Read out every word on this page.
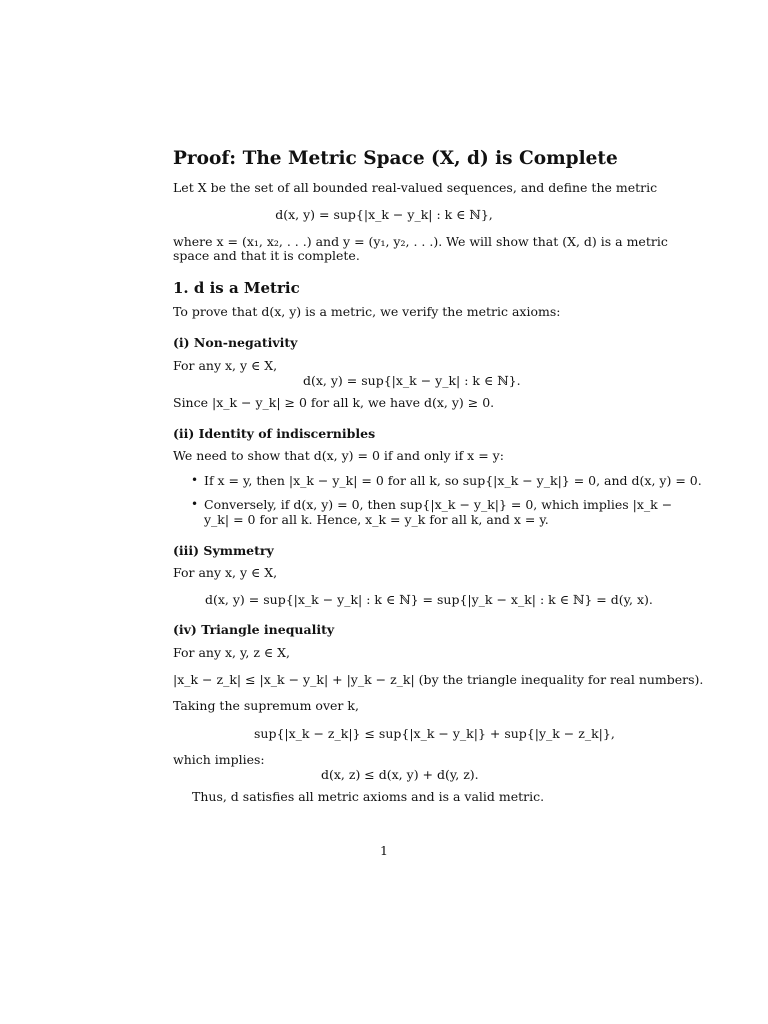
Proof: The Metric Space (X, d) is Complete
Let X be the set of all bounded real-valued sequences, and define the metric
d(x, y) = sup{|x_k − y_k| : k ∈ ℕ},
where x = (x₁, x₂, . . .) and y = (y₁, y₂, . . .). We will show that (X, d) is a metric
space and that it is complete.
1. d is a Metric
To prove that d(x, y) is a metric, we verify the metric axioms:
(i) Non-negativity
For any x, y ∈ X,
d(x, y) = sup{|x_k − y_k| : k ∈ ℕ}.
Since |x_k − y_k| ≥ 0 for all k, we have d(x, y) ≥ 0.
(ii) Identity of indiscernibles
We need to show that d(x, y) = 0 if and only if x = y:
• If x = y, then |x_k − y_k| = 0 for all k, so sup{|x_k − y_k|} = 0, and d(x, y) = 0.
• Conversely, if d(x, y) = 0, then sup{|x_k − y_k|} = 0, which implies |x_k −
y_k| = 0 for all k. Hence, x_k = y_k for all k, and x = y.
(iii) Symmetry
For any x, y ∈ X,
d(x, y) = sup{|x_k − y_k| : k ∈ ℕ} = sup{|y_k − x_k| : k ∈ ℕ} = d(y, x).
(iv) Triangle inequality
For any x, y, z ∈ X,
|x_k − z_k| ≤ |x_k − y_k| + |y_k − z_k| (by the triangle inequality for real numbers).
Taking the supremum over k,
sup{|x_k − z_k|} ≤ sup{|x_k − y_k|} + sup{|y_k − z_k|},
which implies:
d(x, z) ≤ d(x, y) + d(y, z).
Thus, d satisfies all metric axioms and is a valid metric.
1
